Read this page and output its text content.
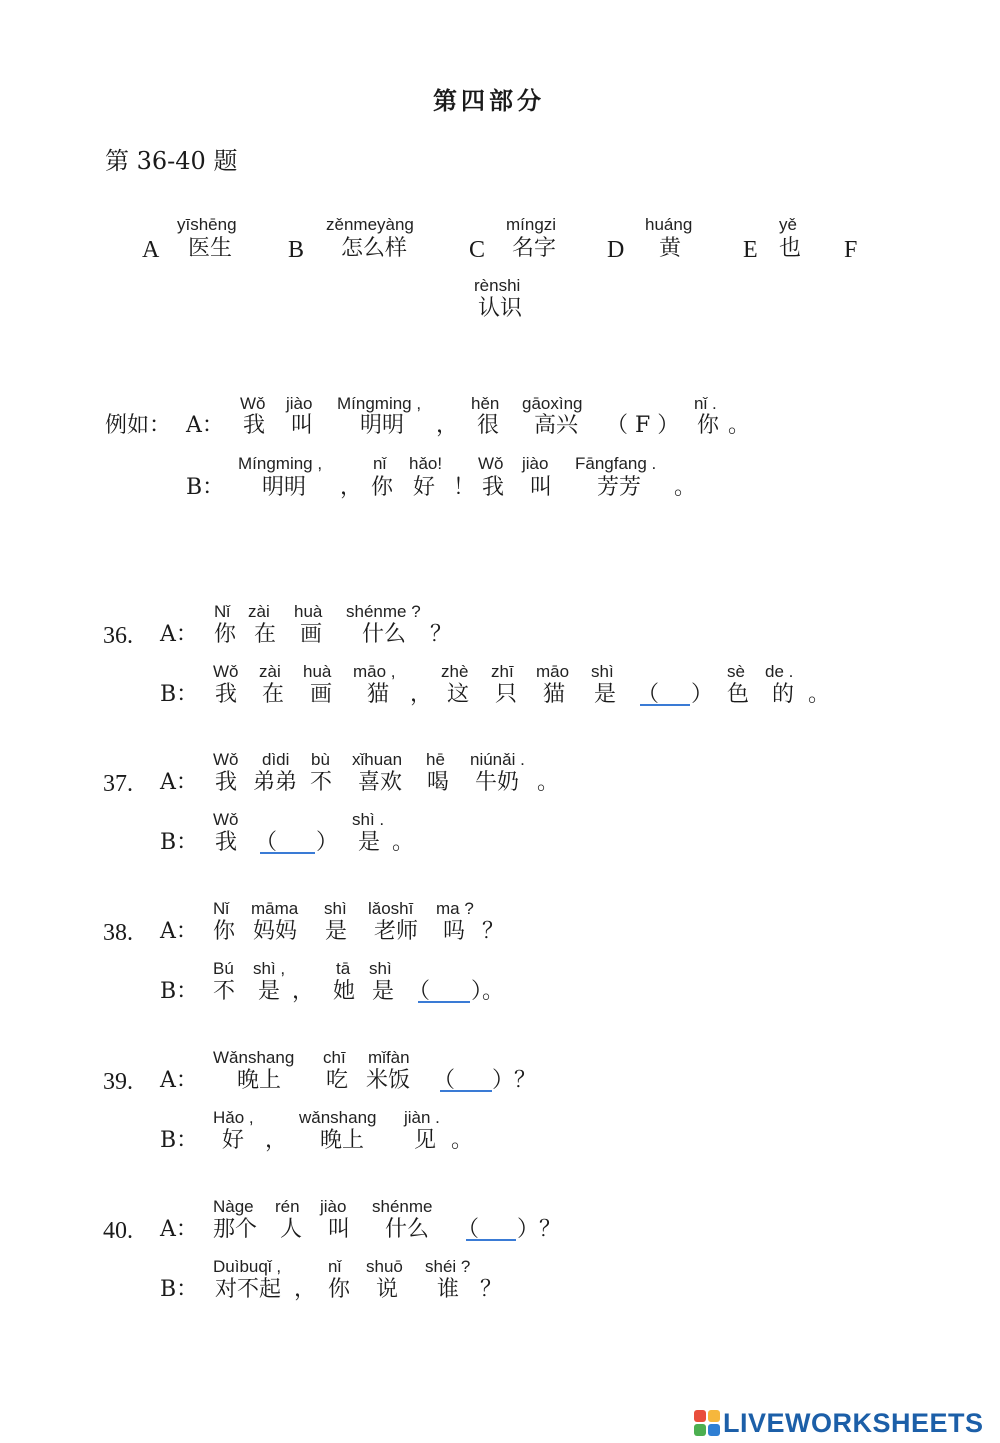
第四部分
第 36-40 题
yīshēng
A 医生
zěnmeyàng
B 怎么样
míngzi
C 名字
huáng
D 黄
yě
E 也 F
rènshi
认识
Wǒ jiào Míngming ,	hěn gāoxìng	nǐ .
例如： A： 我 叫 明明 ， 很 高兴 （ F ） 你 。
Míngming ,	nǐ hǎo! Wǒ jiào Fāngfang .
B： 明明 ， 你 好 ！ 我 叫 芳芳 。
Nǐ zài huà shénme ?
36. A： 你 在 画 什么 ？
Wǒ zài huà māo ,	zhè zhī māo shì	sè de .
B： 我 在 画 猫 ， 这 只 猫 是 （ ） 色 的 。
Wǒ dìdi bù xǐhuan hē niúnǎi .
37. A： 我 弟弟 不 喜欢 喝 牛奶 。
Wǒ	shì .
B： 我 （ ） 是 。
Nǐ māma shì lǎoshī ma ?
38. A： 你 妈妈 是 老师 吗 ？
Bú shì ,	tā shì
B： 不 是 ， 她 是 （ ）。
Wǎnshang chī mǐfàn
39. A： 晚上 吃 米饭 （ ）？
Hǎo ,	wǎnshang jiàn .
B： 好 ， 晚上 见 。
Nàge rén jiào shénme
40. A： 那个 人 叫 什么 （ ）？
Duìbuqǐ ,	nǐ shuō shéi ?
B： 对不起 ， 你 说 谁 ？
LIVEWORKSHEETS
